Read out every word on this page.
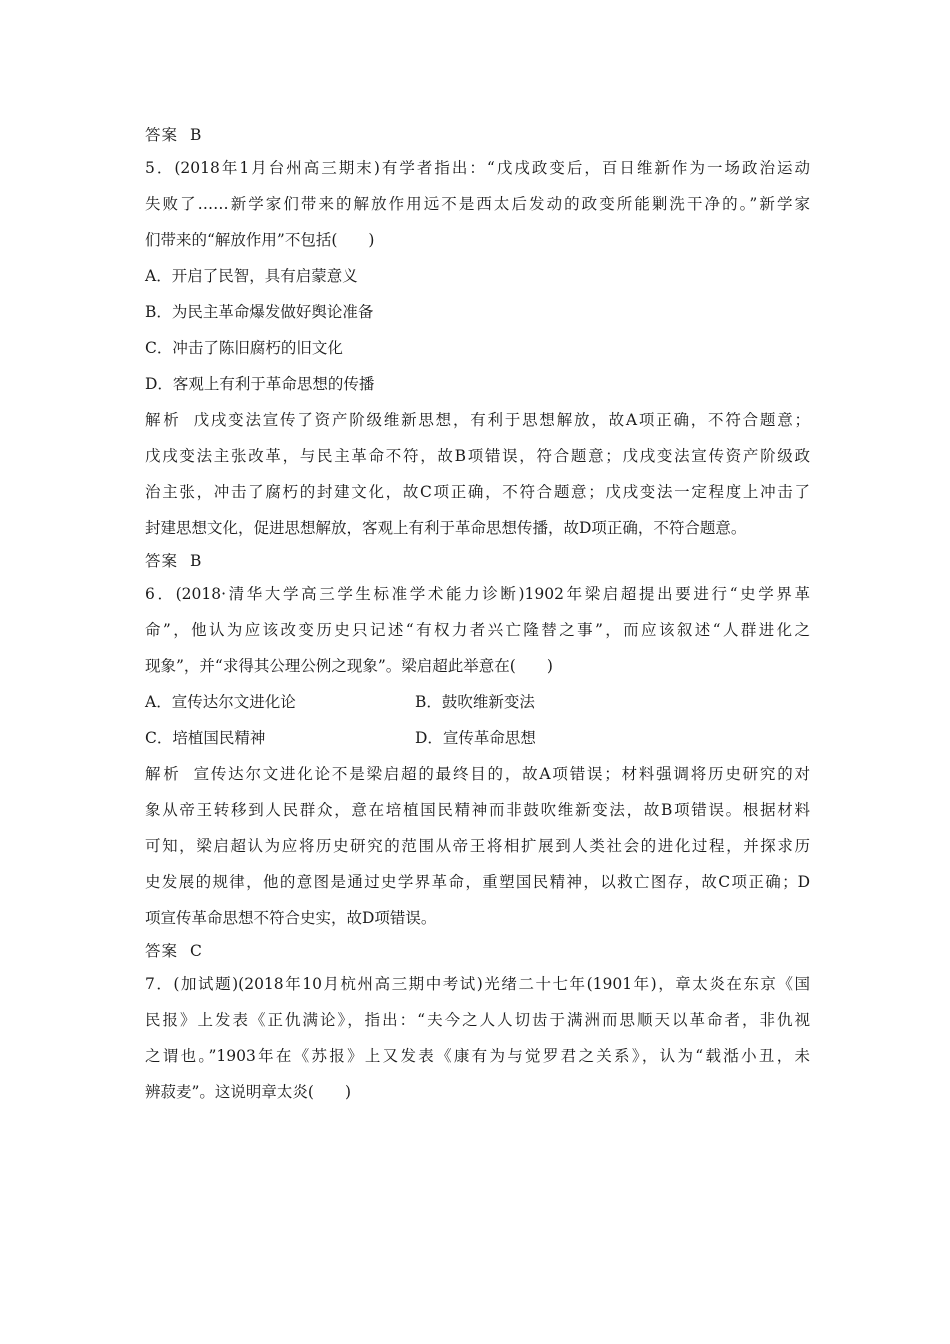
答案 B
5．(2018年1月台州高三期末)有学者指出：“戊戌政变后，百日维新作为一场政治运动
失败了……新学家们带来的解放作用远不是西太后发动的政变所能剿洗干净的。”新学家
们带来的“解放作用”不包括(　　)
A．开启了民智，具有启蒙意义
B．为民主革命爆发做好舆论准备
C．冲击了陈旧腐朽的旧文化
D．客观上有利于革命思想的传播
解析 戊戌变法宣传了资产阶级维新思想，有利于思想解放，故A项正确，不符合题意；
戊戌变法主张改革，与民主革命不符，故B项错误，符合题意；戊戌变法宣传资产阶级政
治主张，冲击了腐朽的封建文化，故C项正确，不符合题意；戊戌变法一定程度上冲击了
封建思想文化，促进思想解放，客观上有利于革命思想传播，故D项正确，不符合题意。
答案 B
6．(2018·清华大学高三学生标准学术能力诊断)1902年梁启超提出要进行“史学界革
命”，他认为应该改变历史只记述“有权力者兴亡隆替之事”，而应该叙述“人群进化之
现象”，并“求得其公理公例之现象”。梁启超此举意在(　　)
A．宣传达尔文进化论	B．鼓吹维新变法
C．培植国民精神	D．宣传革命思想
解析 宣传达尔文进化论不是梁启超的最终目的，故A项错误；材料强调将历史研究的对
象从帝王转移到人民群众，意在培植国民精神而非鼓吹维新变法，故B项错误。根据材料
可知，梁启超认为应将历史研究的范围从帝王将相扩展到人类社会的进化过程，并探求历
史发展的规律，他的意图是通过史学界革命，重塑国民精神，以救亡图存，故C项正确；D
项宣传革命思想不符合史实，故D项错误。
答案 C
7．(加试题)(2018年10月杭州高三期中考试)光绪二十七年(1901年)，章太炎在东京《国
民报》上发表《正仇满论》，指出：“夫今之人人切齿于满洲而思顺天以革命者，非仇视
之谓也。”1903年在《苏报》上又发表《康有为与觉罗君之关系》，认为“载湉小丑，未
辨菽麦”。这说明章太炎(　　)
